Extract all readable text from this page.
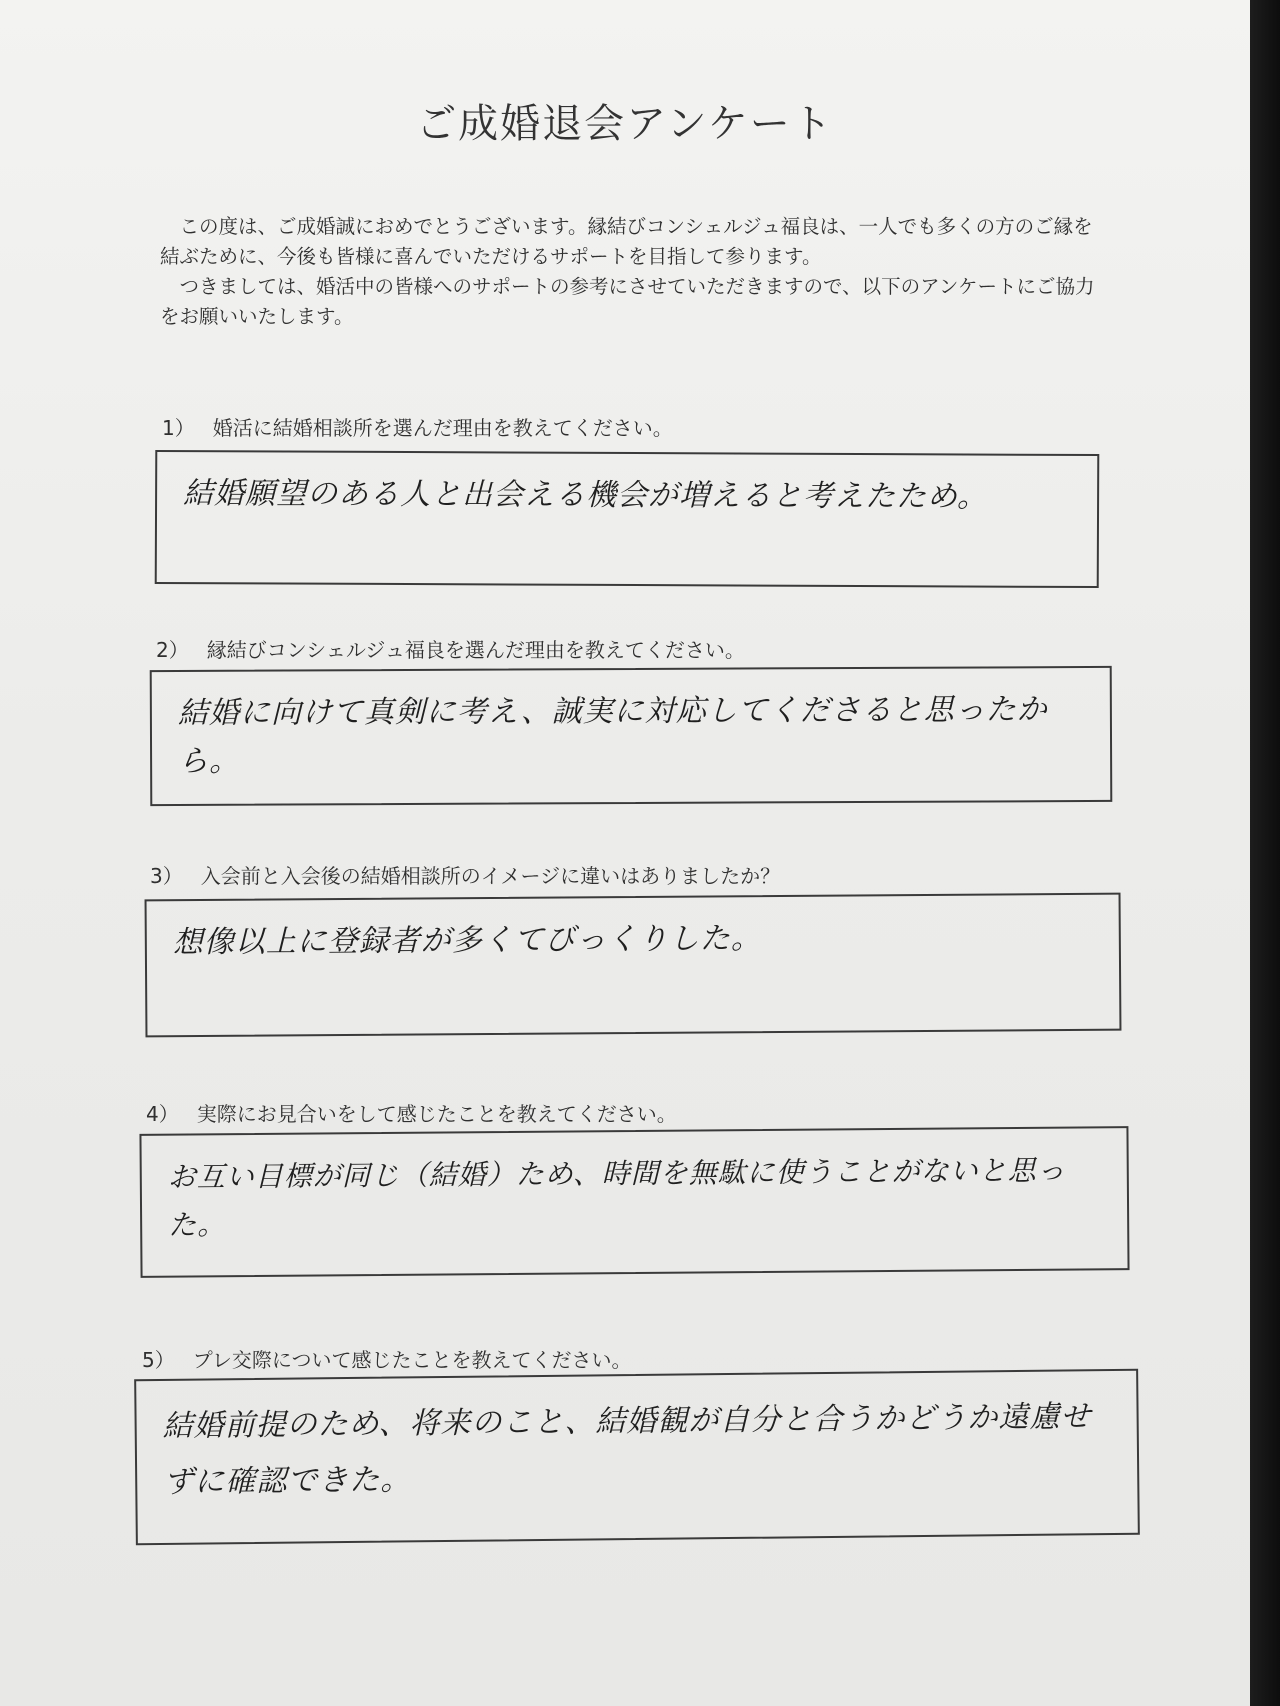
ご成婚退会アンケート

この度は、ご成婚誠におめでとうございます。縁結びコンシェルジュ福良は、一人でも多くの方のご縁を結ぶために、今後も皆様に喜んでいただけるサポートを目指して参ります。

つきましては、婚活中の皆様へのサポートの参考にさせていただきますので、以下のアンケートにご協力をお願いいたします。

1） 婚活に結婚相談所を選んだ理由を教えてください。
結婚願望のある人と出会える機会が増えると考えたため。
2） 縁結びコンシェルジュ福良を選んだ理由を教えてください。
結婚に向けて真剣に考え、誠実に対応してくださると思ったから。
3） 入会前と入会後の結婚相談所のイメージに違いはありましたか？
想像以上に登録者が多くてびっくりした。
4） 実際にお見合いをして感じたことを教えてください。
お互い目標が同じ（結婚）ため、時間を無駄に使うことがないと思った。
5） プレ交際について感じたことを教えてください。
結婚前提のため、将来のこと、結婚観が自分と合うかどうか遠慮せずに確認できた。
